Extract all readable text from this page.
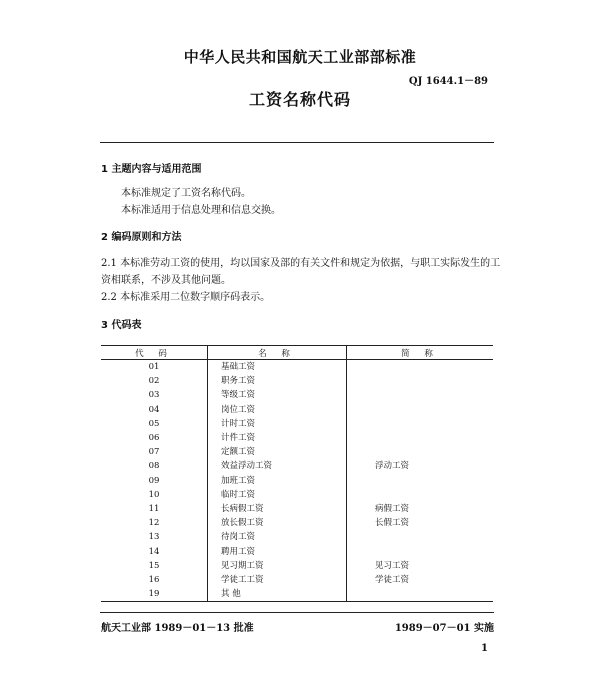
中华人民共和国航天工业部部标准
QJ 1644.1－89
工资名称代码
1 主题内容与适用范围
本标准规定了工资名称代码。
本标准适用于信息处理和信息交换。
2 编码原则和方法
2.1 本标准劳动工资的使用，均以国家及部的有关文件和规定为依据，与职工实际发生的工
资相联系，不涉及其他问题。
2.2 本标准采用二位数字顺序码表示。
3 代码表
代 码	名 称	简 称
01	基础工资	
02	职务工资	
03	等级工资	
04	岗位工资	
05	计时工资	
06	计件工资	
07	定额工资	
08	效益浮动工资	浮动工资
09	加班工资	
10	临时工资	
11	长病假工资	病假工资
12	放长假工资	长假工资
13	待岗工资	
14	聘用工资	
15	见习期工资	见习工资
16	学徒工工资	学徒工资
19	其 他	
航天工业部 1989－01－13 批准	1989－07－01 实施
1
